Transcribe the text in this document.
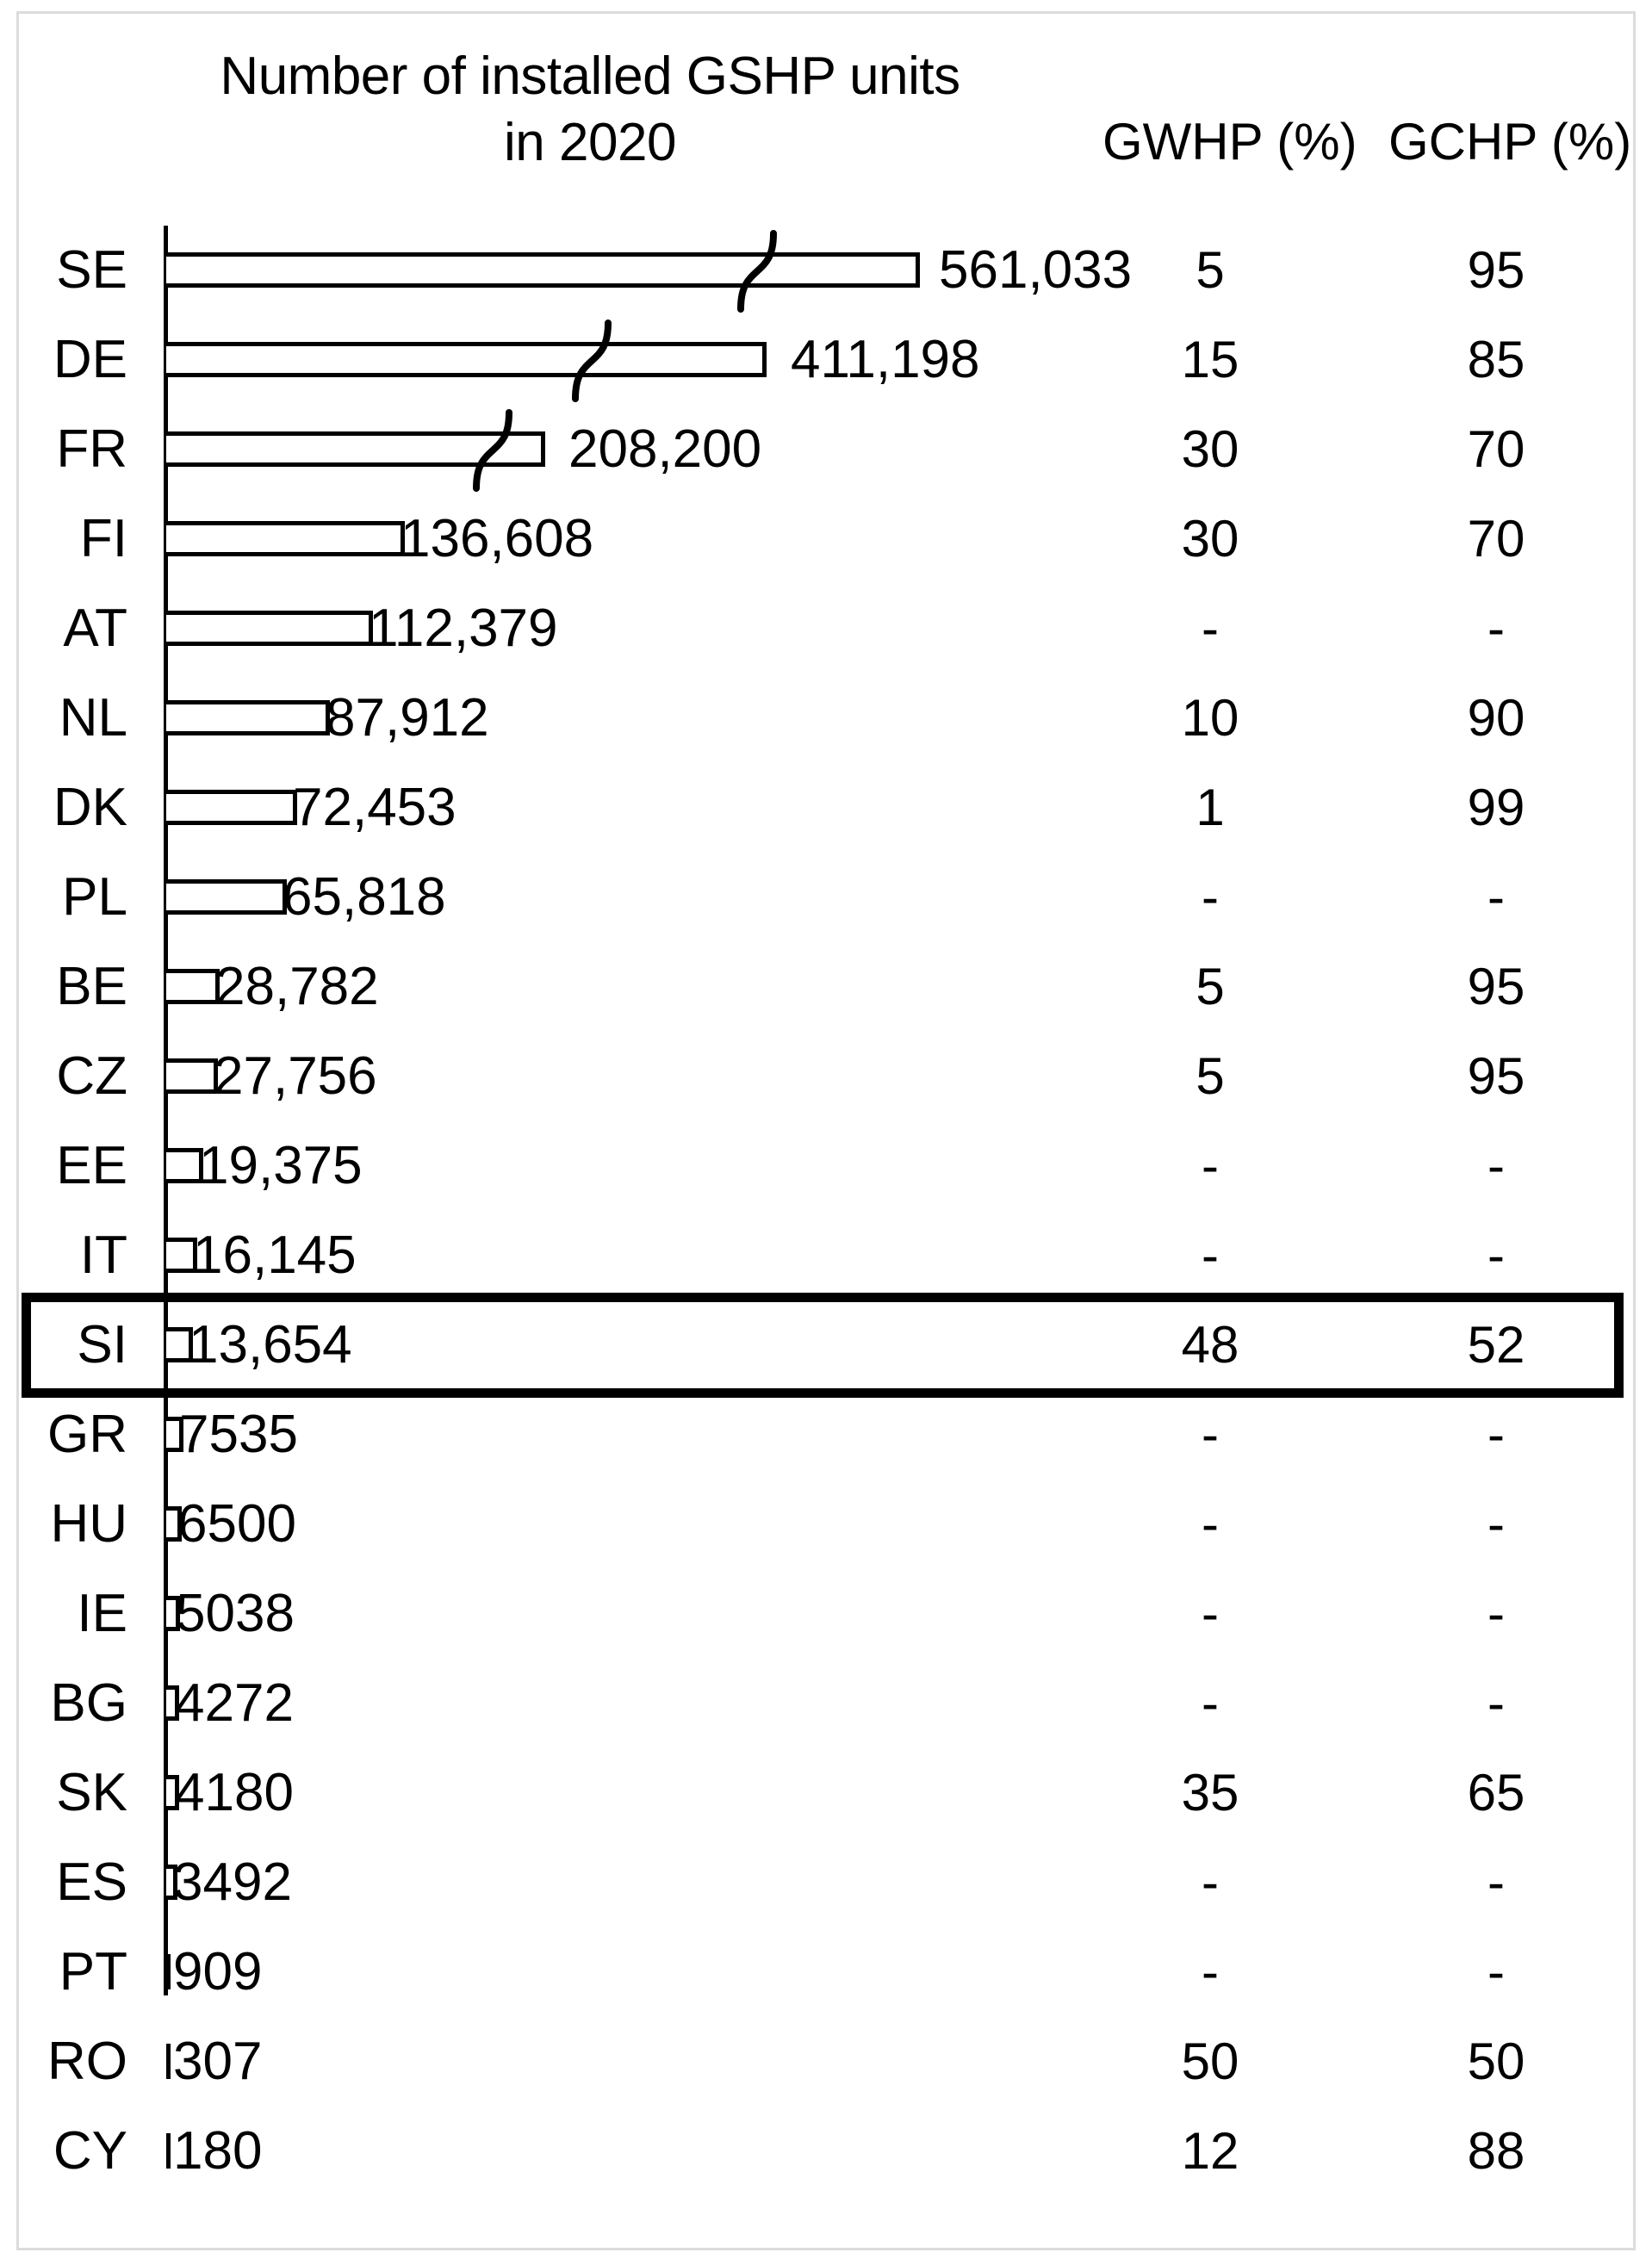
Number of installed GSHP units
in 2020	GWHP (%) GCHP (%)
SE	561,033	5	95
DE	411,198	15	85
FR	208,200	30	70
FI	136,608	30	70
AT	112,379	-	-
NL	87,912	10	90
DK	72,453	1	99
PL	65,818	-	-
BE 28,782	5	95
CZ 27,756	5	95
EE 19,375	-	-
IT 16,145	-	-
SI 13,654	48	52
GR 7535	-	-
HU 6500	-	-
IE 5038	-	-
BG 4272	-	-
SK 4180	35	65
ES 3492	-	-
PT 909	-	-
RO 307	50	50
CY 180	12	88
